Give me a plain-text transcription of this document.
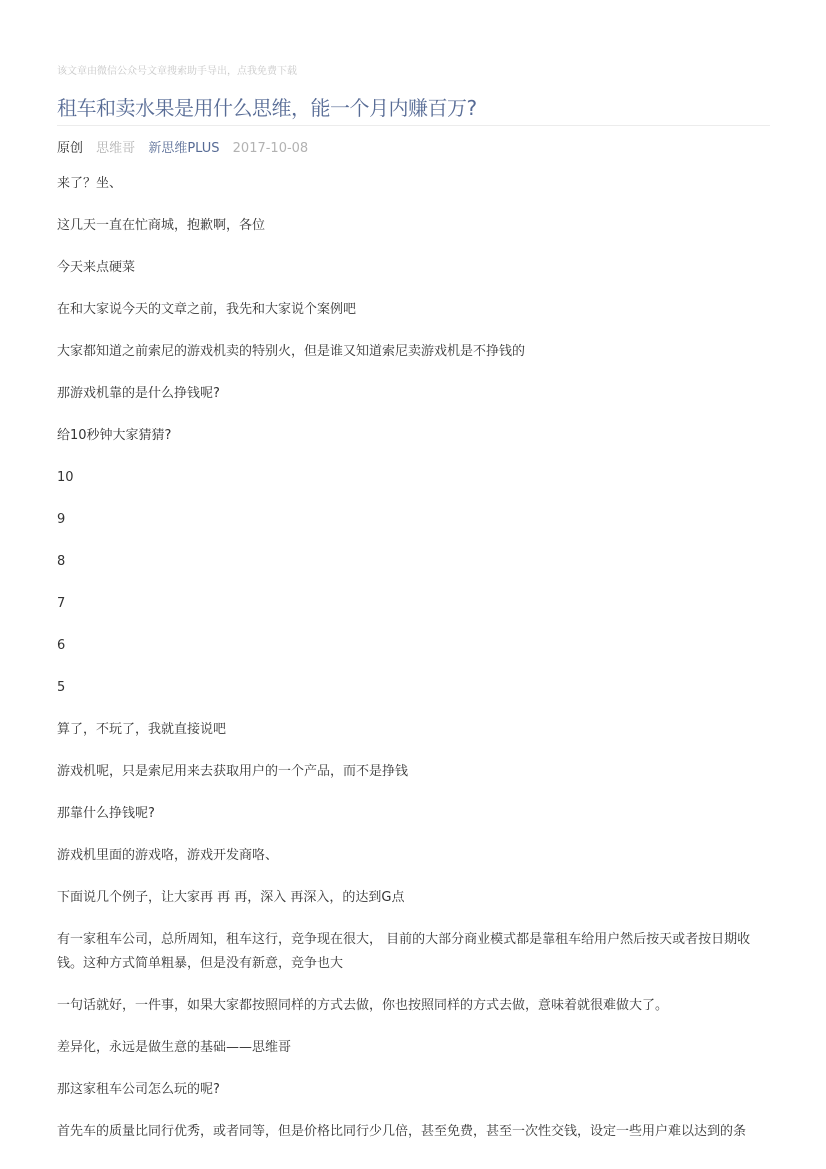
该文章由微信公众号文章搜索助手导出，点我免费下载
租车和卖水果是用什么思维，能一个月内赚百万?
原创 思维哥 新思维PLUS 2017-10-08

来了？坐、

这几天一直在忙商城，抱歉啊，各位

今天来点硬菜

在和大家说今天的文章之前，我先和大家说个案例吧

大家都知道之前索尼的游戏机卖的特别火，但是谁又知道索尼卖游戏机是不挣钱的

那游戏机靠的是什么挣钱呢?

给10秒钟大家猜猜?

10

9

8

7

6

5

算了，不玩了，我就直接说吧

游戏机呢，只是索尼用来去获取用户的一个产品，而不是挣钱

那靠什么挣钱呢?

游戏机里面的游戏咯，游戏开发商咯、

下面说几个例子，让大家再 再 再，深入 再深入，的达到G点

有一家租车公司，总所周知，租车这行，竞争现在很大， 目前的大部分商业模式都是靠租车给用户然后按天或者按日期收钱。这种方式简单粗暴，但是没有新意，竞争也大

一句话就好，一件事，如果大家都按照同样的方式去做，你也按照同样的方式去做，意味着就很难做大了。

差异化，永远是做生意的基础——思维哥

那这家租车公司怎么玩的呢?

首先车的质量比同行优秀，或者同等，但是价格比同行少几倍，甚至免费，甚至一次性交钱，设定一些用户难以达到的条
